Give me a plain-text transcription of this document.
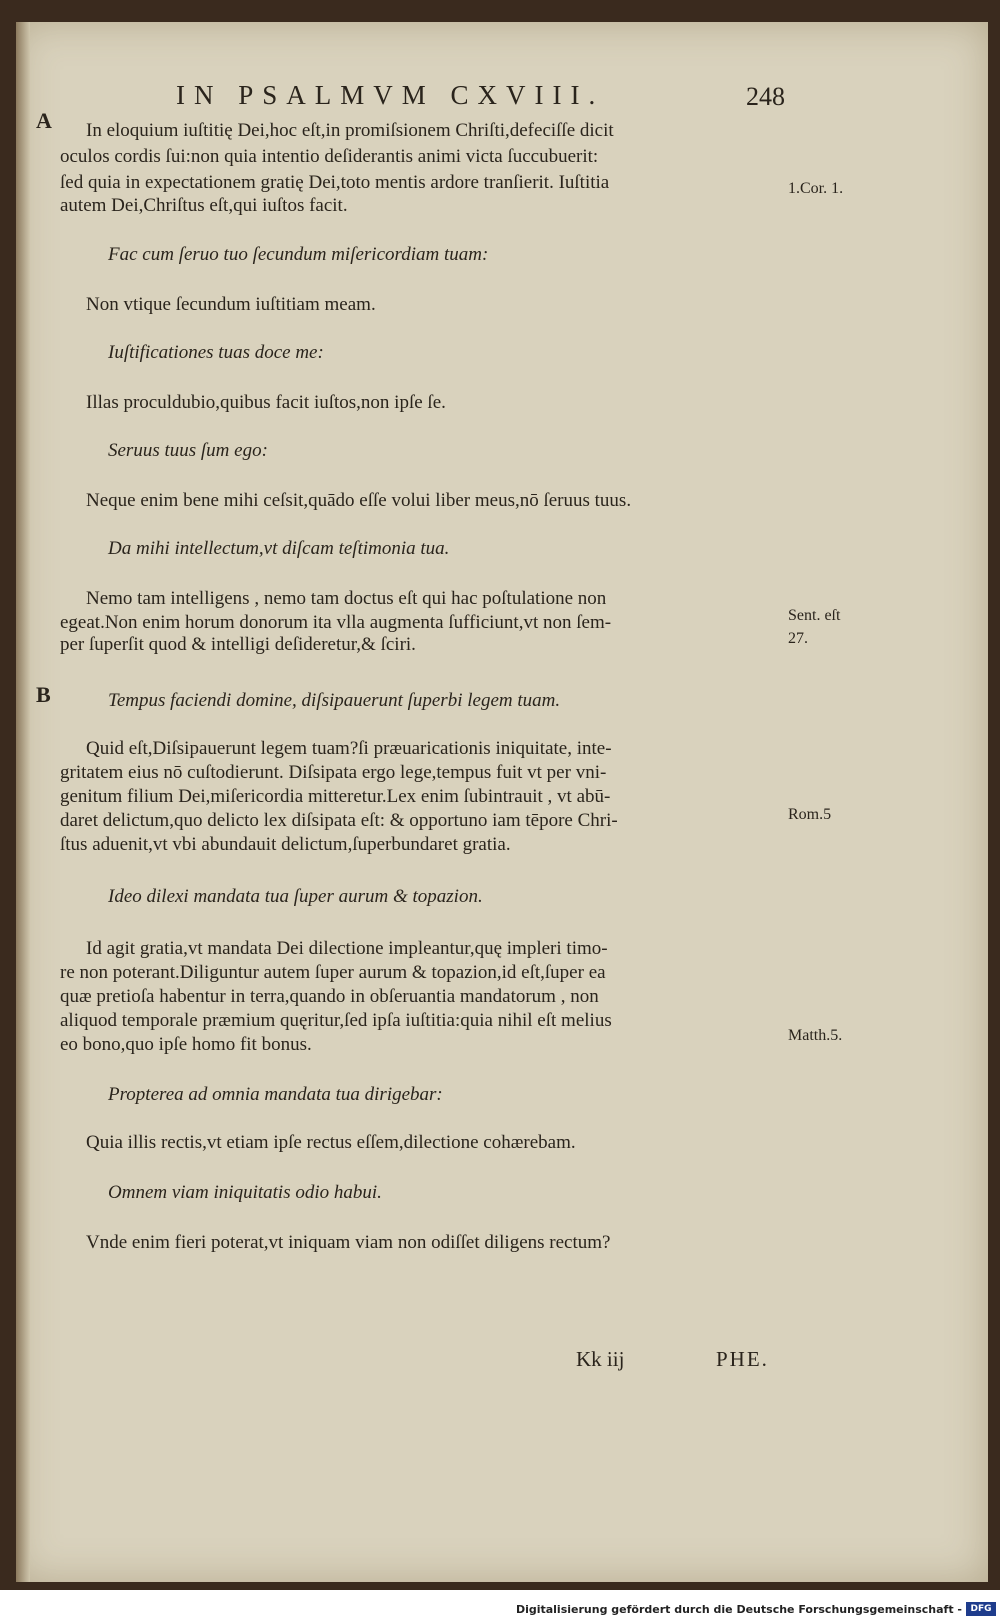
IN PSALMVM CXVIII.	248
A
B
In eloquium iuſtitię Dei,hoc eſt,in promiſsionem Chriſti,defeciſſe dicit
oculos cordis ſui:non quia intentio deſiderantis animi victa ſuccubuerit:
ſed quia in expectationem gratię Dei,toto mentis ardore tranſierit. Iuſtitia
autem Dei,Chriſtus eſt,qui iuſtos facit.
Fac cum ſeruo tuo ſecundum miſericordiam tuam:
Non vtique ſecundum iuſtitiam meam.
Iuſtificationes tuas doce me:
Illas proculdubio,quibus facit iuſtos,non ipſe ſe.
Seruus tuus ſum ego:
Neque enim bene mihi ceſsit,quādo eſſe volui liber meus,nō ſeruus tuus.
Da mihi intellectum,vt diſcam teſtimonia tua.
Nemo tam intelligens , nemo tam doctus eſt qui hac poſtulatione non
egeat.Non enim horum donorum ita vlla augmenta ſufficiunt,vt non ſem-
per ſuperſit quod & intelligi deſideretur,& ſciri.
Tempus faciendi domine, diſsipauerunt ſuperbi legem tuam.
Quid eſt,Diſsipauerunt legem tuam?ſi præuaricationis iniquitate, inte-
gritatem eius nō cuſtodierunt. Diſsipata ergo lege,tempus fuit vt per vni-
genitum filium Dei,miſericordia mitteretur.Lex enim ſubintrauit , vt abū-
daret delictum,quo delicto lex diſsipata eſt: & opportuno iam tēpore Chri-
ſtus aduenit,vt vbi abundauit delictum,ſuperbundaret gratia.
Ideo dilexi mandata tua ſuper aurum & topazion.
Id agit gratia,vt mandata Dei dilectione impleantur,quę impleri timo-
re non poterant.Diliguntur autem ſuper aurum & topazion,id eſt,ſuper ea
quæ pretioſa habentur in terra,quando in obſeruantia mandatorum , non
aliquod temporale præmium quęritur,ſed ipſa iuſtitia:quia nihil eſt melius
eo bono,quo ipſe homo fit bonus.
Propterea ad omnia mandata tua dirigebar:
Quia illis rectis,vt etiam ipſe rectus eſſem,dilectione cohærebam.
Omnem viam iniquitatis odio habui.
Vnde enim fieri poterat,vt iniquam viam non odiſſet diligens rectum?
1.Cor. 1.
Sent. eſt
27.
Rom.5
Matth.5.
Kk iij	PHE.
Digitalisierung gefördert durch die Deutsche Forschungsgemeinschaft - DFG
